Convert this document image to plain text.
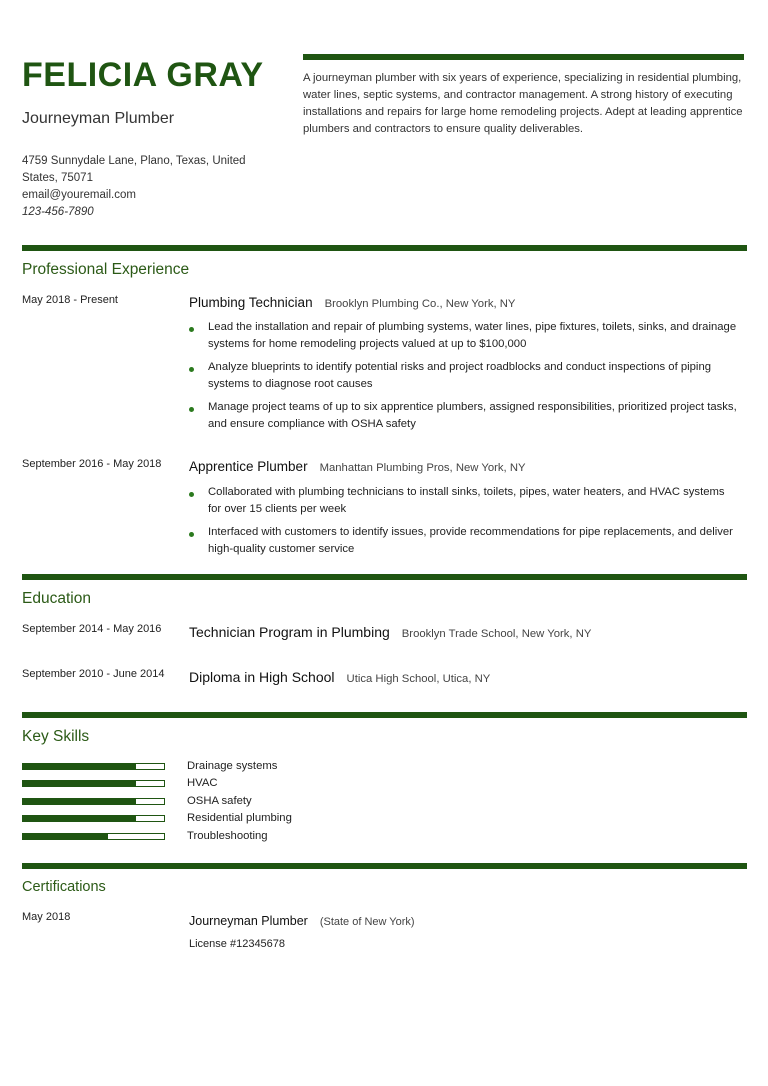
FELICIA GRAY
Journeyman Plumber
4759 Sunnydale Lane, Plano, Texas, United States, 75071
email@youremail.com
123-456-7890
A journeyman plumber with six years of experience, specializing in residential plumbing, water lines, septic systems, and contractor management. A strong history of executing installations and repairs for large home remodeling projects. Adept at leading apprentice plumbers and contractors to ensure quality deliverables.
Professional Experience
May 2018 - Present	Plumbing Technician Brooklyn Plumbing Co., New York, NY
Lead the installation and repair of plumbing systems, water lines, pipe fixtures, toilets, sinks, and drainage systems for home remodeling projects valued at up to $100,000
Analyze blueprints to identify potential risks and project roadblocks and conduct inspections of piping systems to diagnose root causes
Manage project teams of up to six apprentice plumbers, assigned responsibilities, prioritized project tasks, and ensure compliance with OSHA safety
September 2016 - May 2018 Apprentice Plumber Manhattan Plumbing Pros, New York, NY
Collaborated with plumbing technicians to install sinks, toilets, pipes, water heaters, and HVAC systems for over 15 clients per week
Interfaced with customers to identify issues, provide recommendations for pipe replacements, and deliver high-quality customer service
Education
September 2014 - May 2016 Technician Program in Plumbing Brooklyn Trade School, New York, NY
September 2010 - June 2014 Diploma in High School Utica High School, Utica, NY
Key Skills
Drainage systems
HVAC
OSHA safety
Residential plumbing
Troubleshooting
Certifications
May 2018	Journeyman Plumber (State of New York)
License #12345678
